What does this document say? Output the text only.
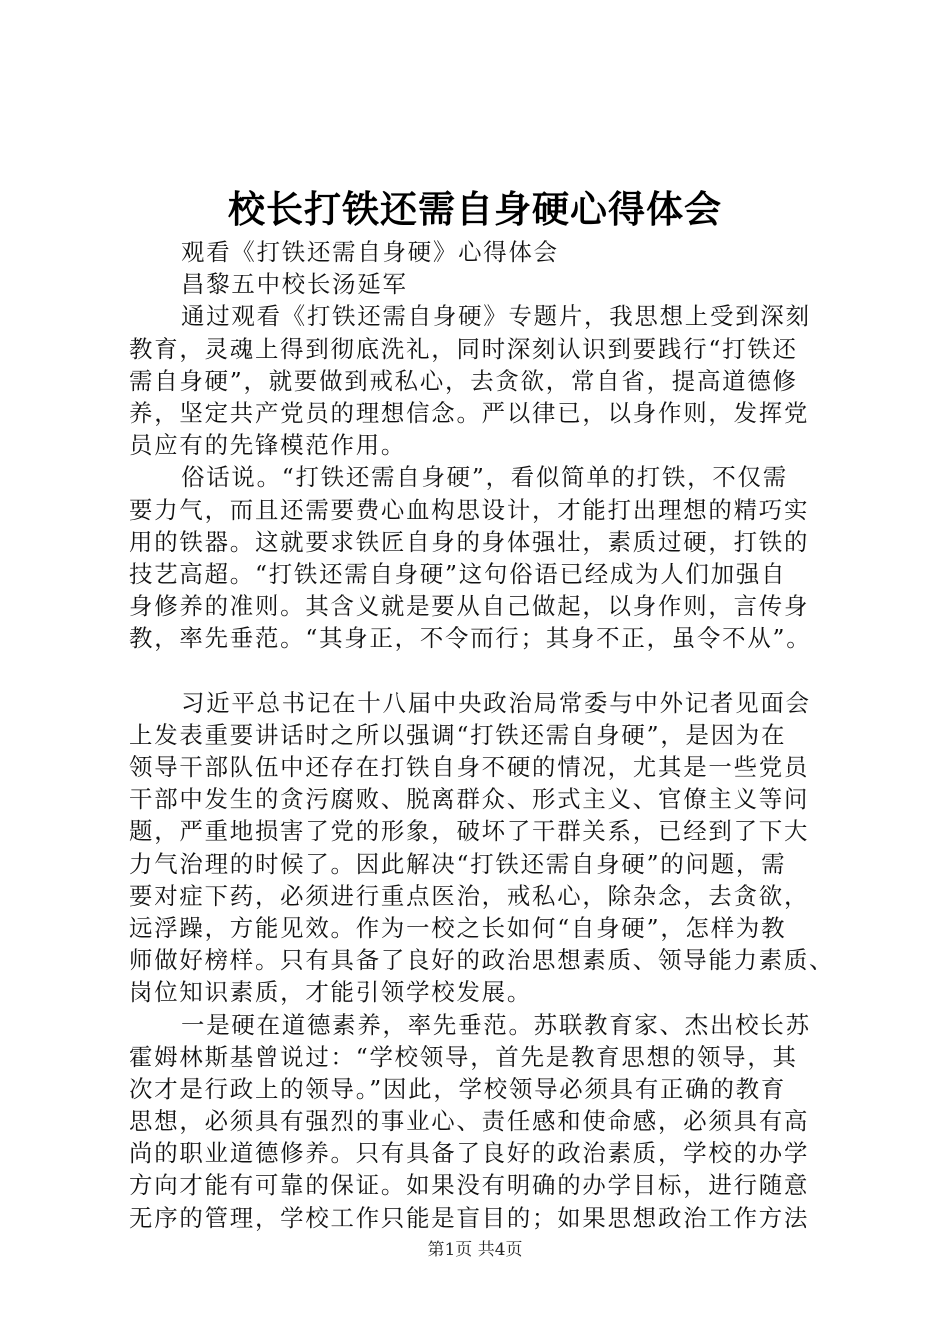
校长打铁还需自身硬心得体会
观看《打铁还需自身硬》心得体会
昌黎五中校长汤延军
通过观看《打铁还需自身硬》专题片，我思想上受到深刻
教育，灵魂上得到彻底洗礼，同时深刻认识到要践行“打铁还
需自身硬”，就要做到戒私心，去贪欲，常自省，提高道德修
养，坚定共产党员的理想信念。严以律已，以身作则，发挥党
员应有的先锋模范作用。
俗话说。“打铁还需自身硬”，看似简单的打铁，不仅需
要力气，而且还需要费心血构思设计，才能打出理想的精巧实
用的铁器。这就要求铁匠自身的身体强壮，素质过硬，打铁的
技艺高超。“打铁还需自身硬”这句俗语已经成为人们加强自
身修养的准则。其含义就是要从自己做起，以身作则，言传身
教，率先垂范。“其身正，不令而行；其身不正，虽令不从”。
习近平总书记在十八届中央政治局常委与中外记者见面会
上发表重要讲话时之所以强调“打铁还需自身硬”，是因为在
领导干部队伍中还存在打铁自身不硬的情况，尤其是一些党员
干部中发生的贪污腐败、脱离群众、形式主义、官僚主义等问
题，严重地损害了党的形象，破坏了干群关系，已经到了下大
力气治理的时候了。因此解决“打铁还需自身硬”的问题，需
要对症下药，必须进行重点医治，戒私心，除杂念，去贪欲，
远浮躁，方能见效。作为一校之长如何“自身硬”，怎样为教
师做好榜样。只有具备了良好的政治思想素质、领导能力素质、
岗位知识素质，才能引领学校发展。
一是硬在道德素养，率先垂范。苏联教育家、杰出校长苏
霍姆林斯基曾说过：“学校领导，首先是教育思想的领导，其
次才是行政上的领导。”因此，学校领导必须具有正确的教育
思想，必须具有强烈的事业心、责任感和使命感，必须具有高
尚的职业道德修养。只有具备了良好的政治素质，学校的办学
方向才能有可靠的保证。如果没有明确的办学目标，进行随意
无序的管理，学校工作只能是盲目的；如果思想政治工作方法
第1页 共4页
